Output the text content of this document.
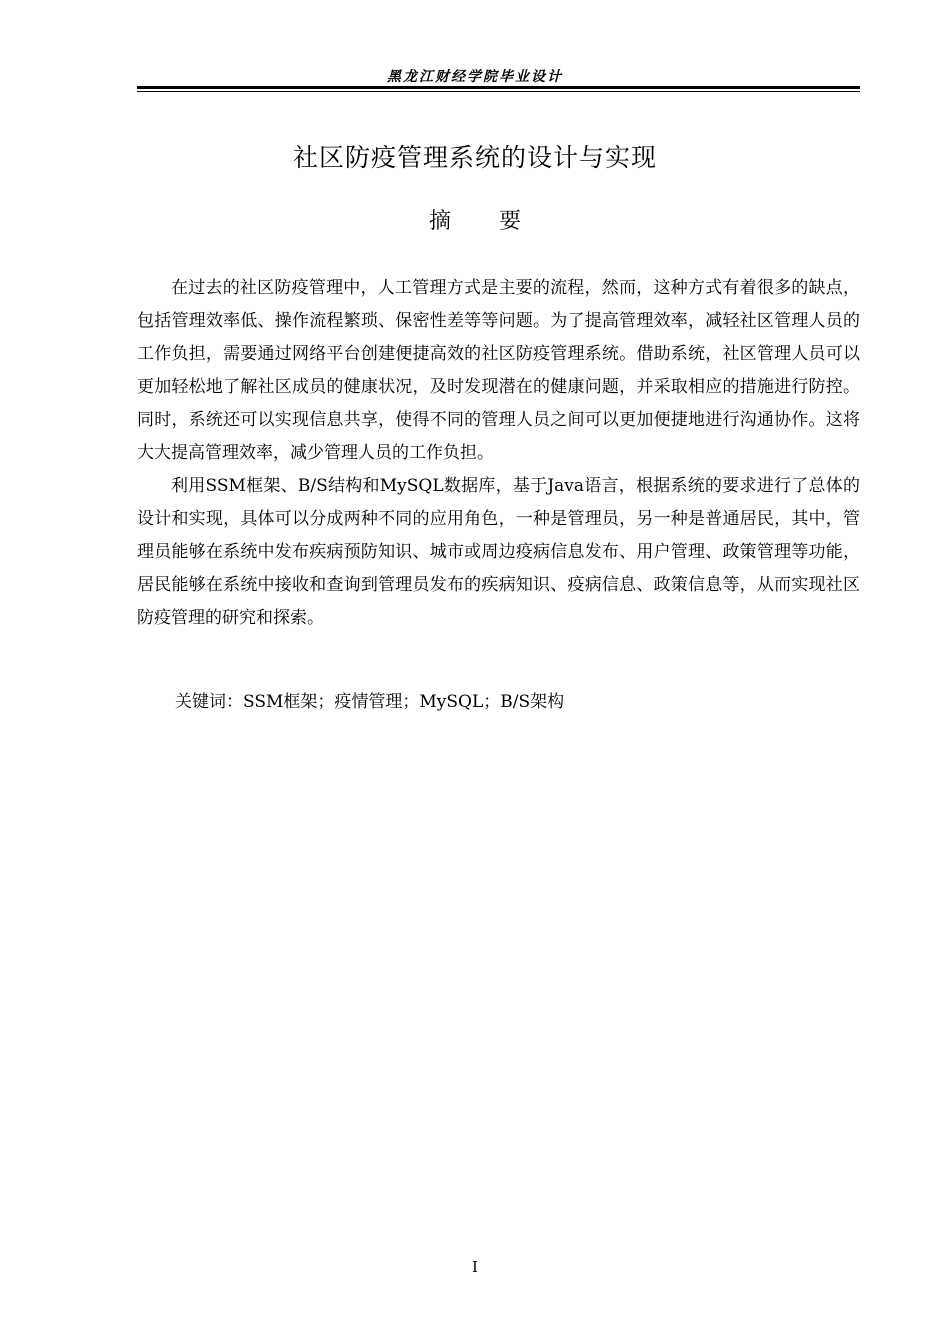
黑龙江财经学院毕业设计
社区防疫管理系统的设计与实现
摘 要

在过去的社区防疫管理中，人工管理方式是主要的流程，然而，这种方式有着很多的缺点，包括管理效率低、操作流程繁琐、保密性差等等问题。为了提高管理效率，减轻社区管理人员的工作负担，需要通过网络平台创建便捷高效的社区防疫管理系统。借助系统，社区管理人员可以更加轻松地了解社区成员的健康状况，及时发现潜在的健康问题，并采取相应的措施进行防控。同时，系统还可以实现信息共享，使得不同的管理人员之间可以更加便捷地进行沟通协作。这将大大提高管理效率，减少管理人员的工作负担。

利用SSM框架、B/S结构和MySQL数据库，基于Java语言，根据系统的要求进行了总体的设计和实现，具体可以分成两种不同的应用角色，一种是管理员，另一种是普通居民，其中，管理员能够在系统中发布疾病预防知识、城市或周边疫病信息发布、用户管理、政策管理等功能，居民能够在系统中接收和查询到管理员发布的疾病知识、疫病信息、政策信息等，从而实现社区防疫管理的研究和探索。

关键词：SSM框架；疫情管理；MySQL；B/S架构
I
